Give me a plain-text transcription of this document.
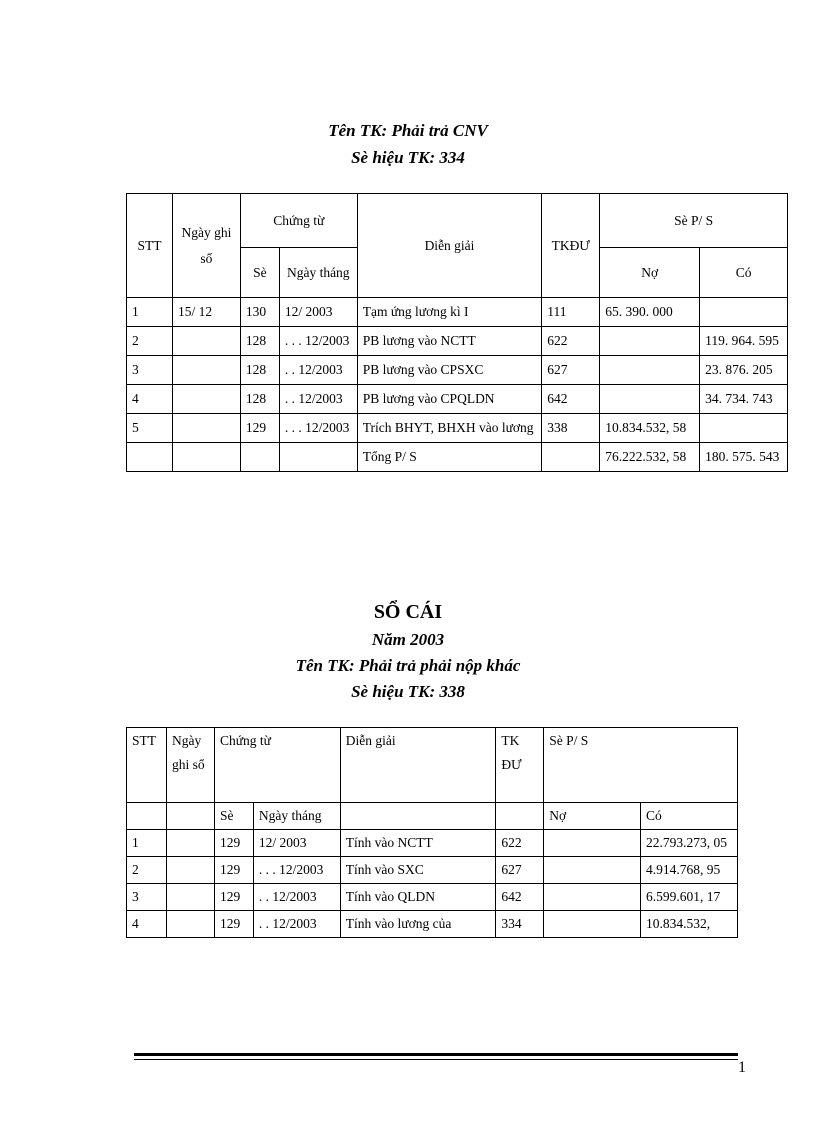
Tên TK: Phải trả CNV
Sè hiệu TK: 334
STT	Ngày ghi sổ	Chứng từ		Diễn giải	TKĐƯ	Sè P/ S	
		Sè	Ngày tháng			Nợ	Có
1	15/ 12	130	12/ 2003	Tạm ứng lương kì I	111	65. 390. 000	
2		128	. . . 12/2003	PB lương vào NCTT	622		119. 964. 595
3		128	. . 12/2003	PB lương vào CPSXC	627		23. 876. 205
4		128	. . 12/2003	PB lương vào CPQLDN	642		34. 734. 743
5		129	. . . 12/2003	Trích BHYT, BHXH vào lương	338	10.834.532, 58	
				Tổng P/ S		76.222.532, 58	180. 575. 543
SỔ CÁI
Năm 2003
Tên TK: Phải trả phải nộp khác
Sè hiệu TK: 338
STT	Ngày ghi sổ	Chứng từ		Diễn giải	TK ĐƯ	Sè P/ S	
		Sè	Ngày tháng			Nợ	Có
1		129	12/ 2003	Tính vào NCTT	622		22.793.273, 05
2		129	. . . 12/2003	Tính vào SXC	627		4.914.768, 95
3		129	. . 12/2003	Tính vào QLDN	642		6.599.601, 17
4		129	. . 12/2003	Tính vào lương của	334		10.834.532,
1
